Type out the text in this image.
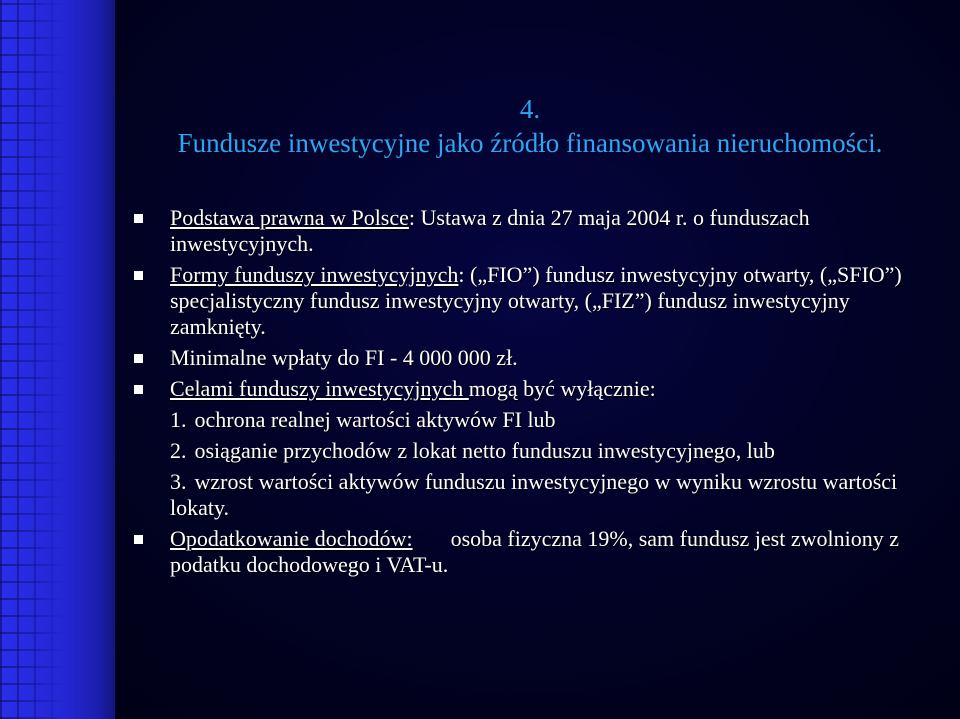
4.
Fundusze inwestycyjne jako źródło finansowania nieruchomości.
Podstawa prawna w Polsce: Ustawa z dnia 27 maja 2004 r. o funduszach inwestycyjnych.
Formy funduszy inwestycyjnych: („FIO”) fundusz inwestycyjny otwarty, („SFIO”) specjalistyczny fundusz inwestycyjny otwarty, („FIZ”) fundusz inwestycyjny zamknięty.
Minimalne wpłaty do FI - 4 000 000 zł.
Celami funduszy inwestycyjnych mogą być wyłącznie:
1. ochrona realnej wartości aktywów FI lub
2. osiąganie przychodów z lokat netto funduszu inwestycyjnego, lub
3. wzrost wartości aktywów funduszu inwestycyjnego w wyniku wzrostu wartości lokaty.
Opodatkowanie dochodów: osoba fizyczna 19%, sam fundusz jest zwolniony z podatku dochodowego i VAT-u.
